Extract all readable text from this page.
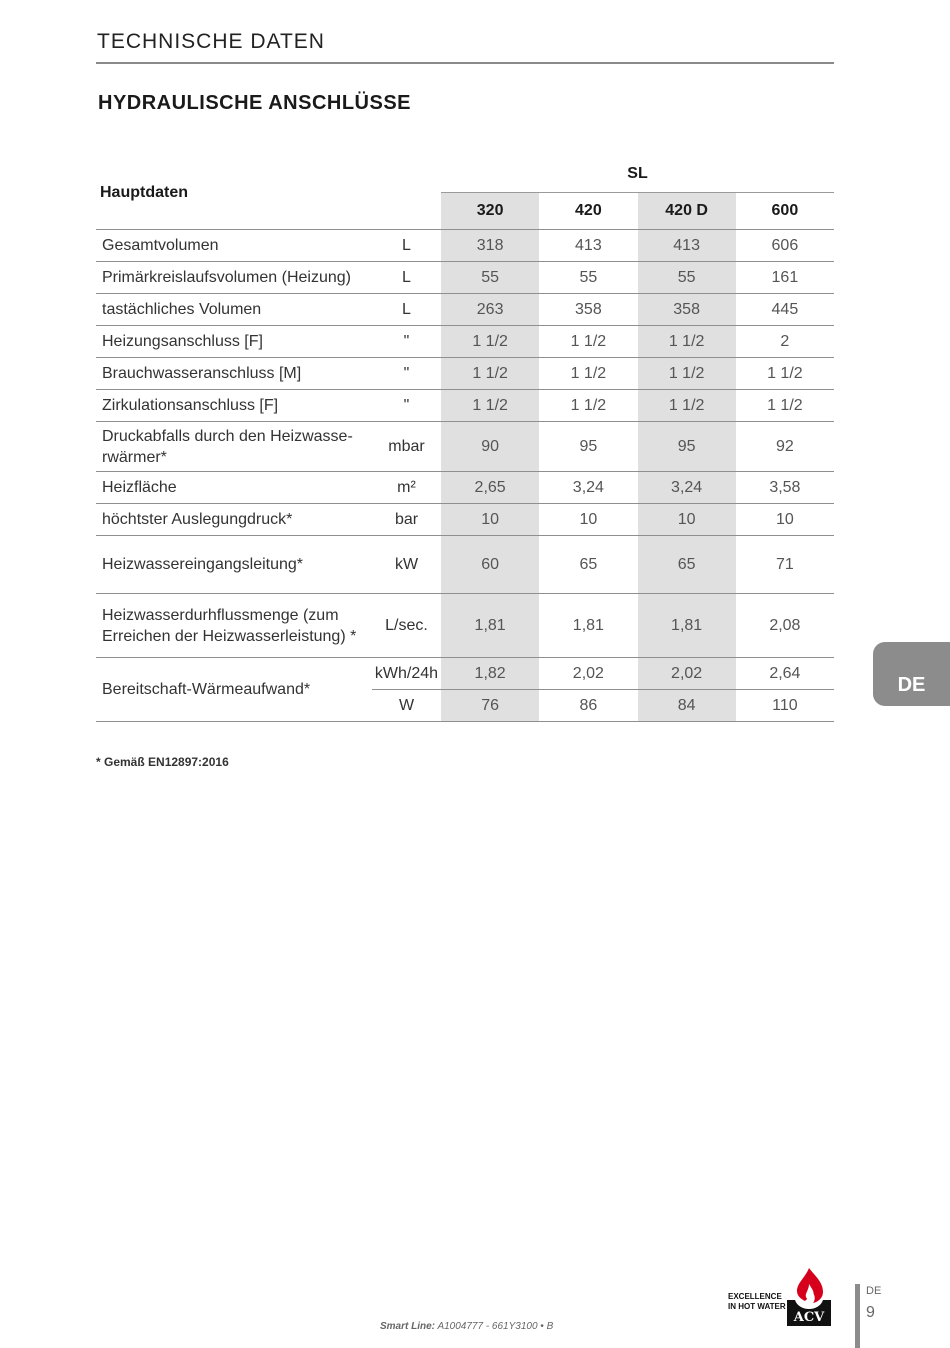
TECHNISCHE DATEN
HYDRAULISCHE ANSCHLÜSSE
Hauptdaten		SL			
		320	420	420 D	600
Gesamtvolumen	L	318	413	413	606
Primärkreislaufsvolumen (Heizung)	L	55	55	55	161
tastächliches Volumen	L	263	358	358	445
Heizungsanschluss [F]	"	1 1/2	1 1/2	1 1/2	2
Brauchwasseranschluss [M]	"	1 1/2	1 1/2	1 1/2	1 1/2
Zirkulationsanschluss [F]	"	1 1/2	1 1/2	1 1/2	1 1/2
Druckabfalls durch den Heizwasse-rwärmer*	mbar	90	95	95	92
Heizfläche	m²	2,65	3,24	3,24	3,58
höchtster Auslegungdruck*	bar	10	10	10	10
Heizwassereingangsleitung*	kW	60	65	65	71
Heizwasserdurhflussmenge (zum Erreichen der Heizwasserleistung) *	L/sec.	1,81	1,81	1,81	2,08
Bereitschaft-Wärmeaufwand*	kWh/24h	1,82	2,02	2,02	2,64
	W	76	86	84	110
* Gemäß EN12897:2016
DE
Smart Line: A1004777 - 661Y3100 • B
EXCELLENCE
IN HOT WATER
ACV
DE
9
